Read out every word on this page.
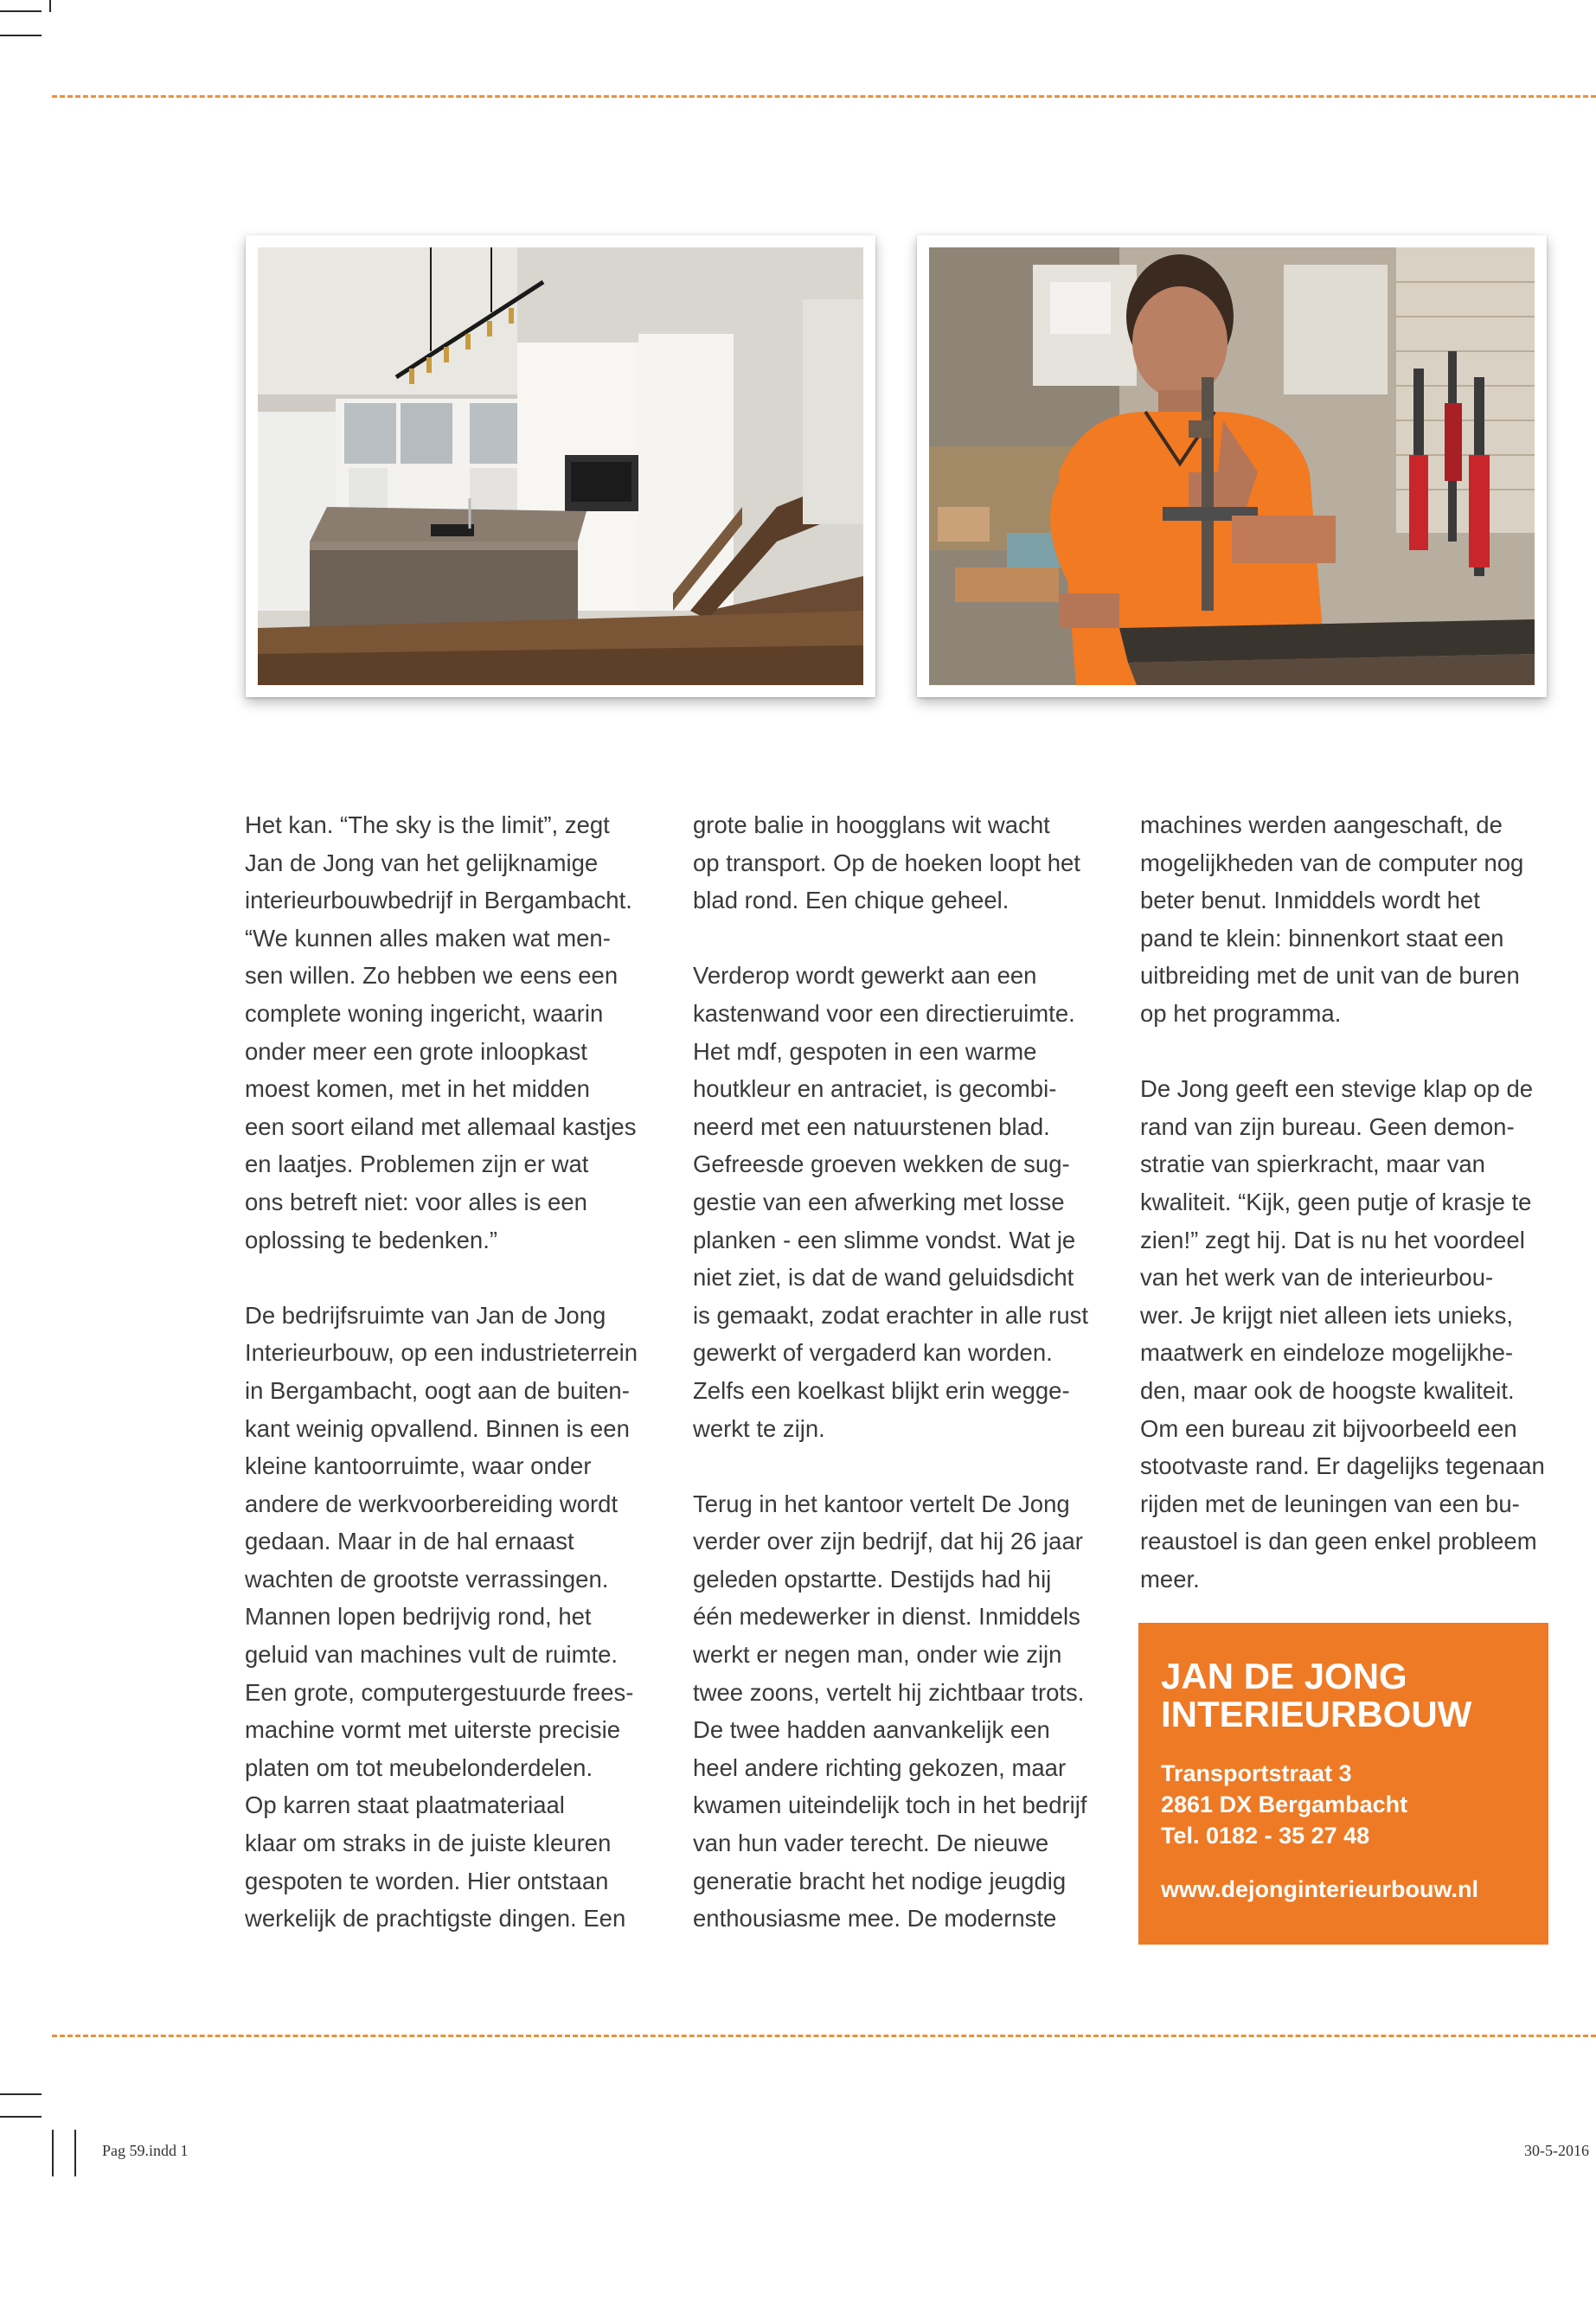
Het kan. “The sky is the limit”, zegt
Jan de Jong van het gelijknamige
interieurbouwbedrijf in Bergambacht.
“We kunnen alles maken wat men-
sen willen. Zo hebben we eens een
complete woning ingericht, waarin
onder meer een grote inloopkast
moest komen, met in het midden
een soort eiland met allemaal kastjes
en laatjes. Problemen zijn er wat
ons betreft niet: voor alles is een
oplossing te bedenken.”

De bedrijfsruimte van Jan de Jong
Interieurbouw, op een industrieterrein
in Bergambacht, oogt aan de buiten-
kant weinig opvallend. Binnen is een
kleine kantoorruimte, waar onder
andere de werkvoorbereiding wordt
gedaan. Maar in de hal ernaast
wachten de grootste verrassingen.
Mannen lopen bedrijvig rond, het
geluid van machines vult de ruimte.
Een grote, computergestuurde frees-
machine vormt met uiterste precisie
platen om tot meubelonderdelen.
Op karren staat plaatmateriaal
klaar om straks in de juiste kleuren
gespoten te worden. Hier ontstaan
werkelijk de prachtigste dingen. Een

grote balie in hoogglans wit wacht
op transport. Op de hoeken loopt het
blad rond. Een chique geheel.

Verderop wordt gewerkt aan een
kastenwand voor een directieruimte.
Het mdf, gespoten in een warme
houtkleur en antraciet, is gecombi-
neerd met een natuurstenen blad.
Gefreesde groeven wekken de sug-
gestie van een afwerking met losse
planken - een slimme vondst. Wat je
niet ziet, is dat de wand geluidsdicht
is gemaakt, zodat erachter in alle rust
gewerkt of vergaderd kan worden.
Zelfs een koelkast blijkt erin wegge-
werkt te zijn.

Terug in het kantoor vertelt De Jong
verder over zijn bedrijf, dat hij 26 jaar
geleden opstartte. Destijds had hij
één medewerker in dienst. Inmiddels
werkt er negen man, onder wie zijn
twee zoons, vertelt hij zichtbaar trots.
De twee hadden aanvankelijk een
heel andere richting gekozen, maar
kwamen uiteindelijk toch in het bedrijf
van hun vader terecht. De nieuwe
generatie bracht het nodige jeugdig
enthousiasme mee. De modernste

machines werden aangeschaft, de
mogelijkheden van de computer nog
beter benut. Inmiddels wordt het
pand te klein: binnenkort staat een
uitbreiding met de unit van de buren
op het programma.

De Jong geeft een stevige klap op de
rand van zijn bureau. Geen demon-
stratie van spierkracht, maar van
kwaliteit. “Kijk, geen putje of krasje te
zien!” zegt hij. Dat is nu het voordeel
van het werk van de interieurbou-
wer. Je krijgt niet alleen iets unieks,
maatwerk en eindeloze mogelijkhe-
den, maar ook de hoogste kwaliteit.
Om een bureau zit bijvoorbeeld een
stootvaste rand. Er dagelijks tegenaan
rijden met de leuningen van een bu-
reaustoel is dan geen enkel probleem
meer.

JAN DE JONG
INTERIEURBOUW

Transportstraat 3
2861 DX Bergambacht
Tel. 0182 - 35 27 48

www.dejonginterieurbouw.nl

Pag 59.indd 1	30-5-2016
